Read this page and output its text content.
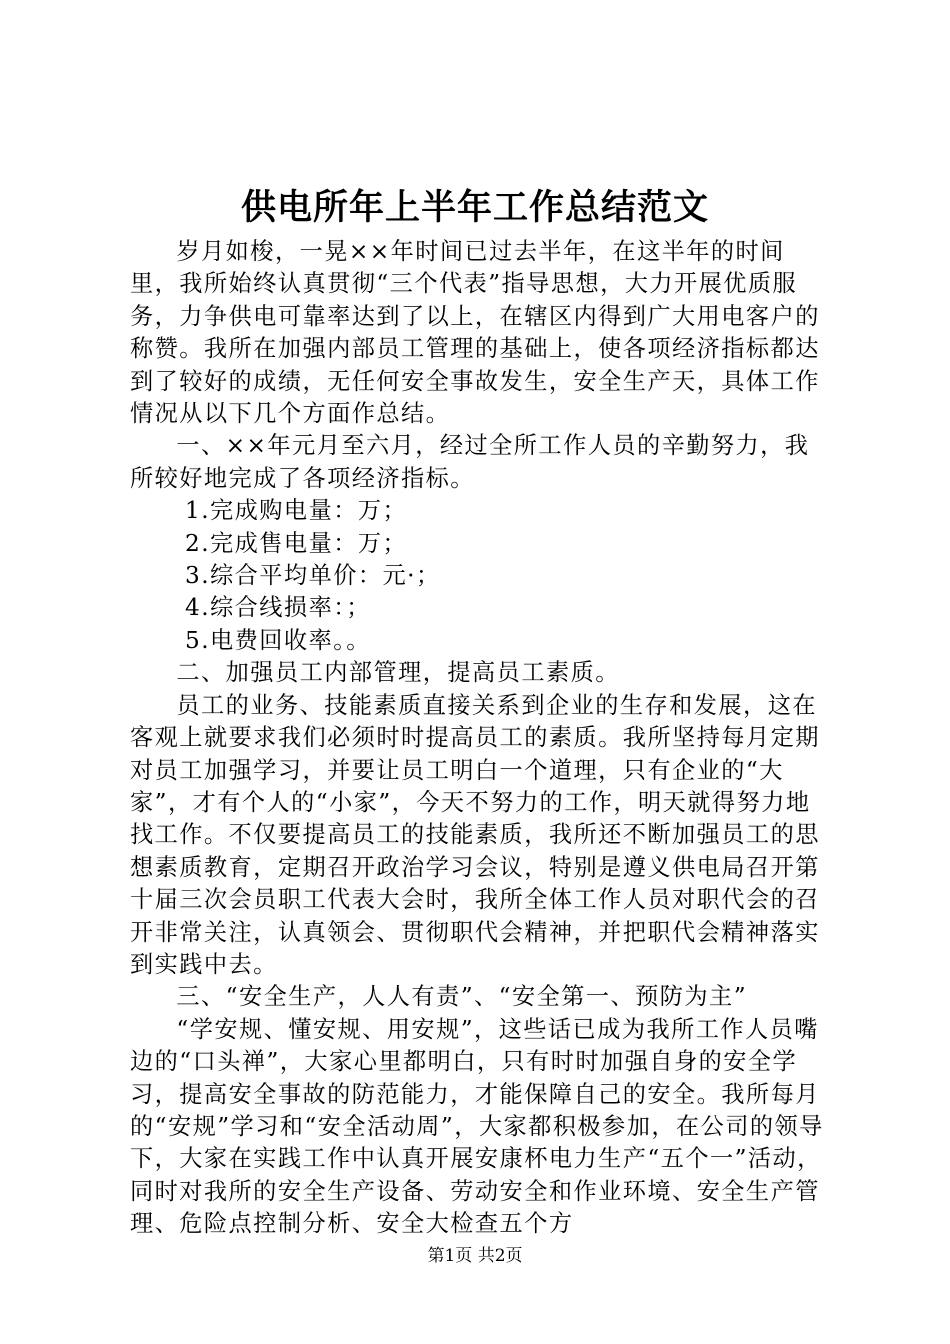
供电所年上半年工作总结范文

岁月如梭，一晃××年时间已过去半年，在这半年的时间里，我所始终认真贯彻“三个代表”指导思想，大力开展优质服务，力争供电可靠率达到了以上，在辖区内得到广大用电客户的称赞。我所在加强内部员工管理的基础上，使各项经济指标都达到了较好的成绩，无任何安全事故发生，安全生产天，具体工作情况从以下几个方面作总结。

一、××年元月至六月，经过全所工作人员的辛勤努力，我所较好地完成了各项经济指标。

1.完成购电量：万；

2.完成售电量：万；

3.综合平均单价：元·；

4.综合线损率：；

5.电费回收率。。

二、加强员工内部管理，提高员工素质。

员工的业务、技能素质直接关系到企业的生存和发展，这在客观上就要求我们必须时时提高员工的素质。我所坚持每月定期对员工加强学习，并要让员工明白一个道理，只有企业的“大家”，才有个人的“小家”，今天不努力的工作，明天就得努力地找工作。不仅要提高员工的技能素质，我所还不断加强员工的思想素质教育，定期召开政治学习会议，特别是遵义供电局召开第十届三次会员职工代表大会时，我所全体工作人员对职代会的召开非常关注，认真领会、贯彻职代会精神，并把职代会精神落实到实践中去。

三、“安全生产，人人有责”、“安全第一、预防为主”

“学安规、懂安规、用安规”，这些话已成为我所工作人员嘴边的“口头禅”，大家心里都明白，只有时时加强自身的安全学习，提高安全事故的防范能力，才能保障自己的安全。我所每月的“安规”学习和“安全活动周”，大家都积极参加，在公司的领导下，大家在实践工作中认真开展安康杯电力生产“五个一”活动，同时对我所的安全生产设备、劳动安全和作业环境、安全生产管理、危险点控制分析、安全大检查五个方

第1页 共2页
